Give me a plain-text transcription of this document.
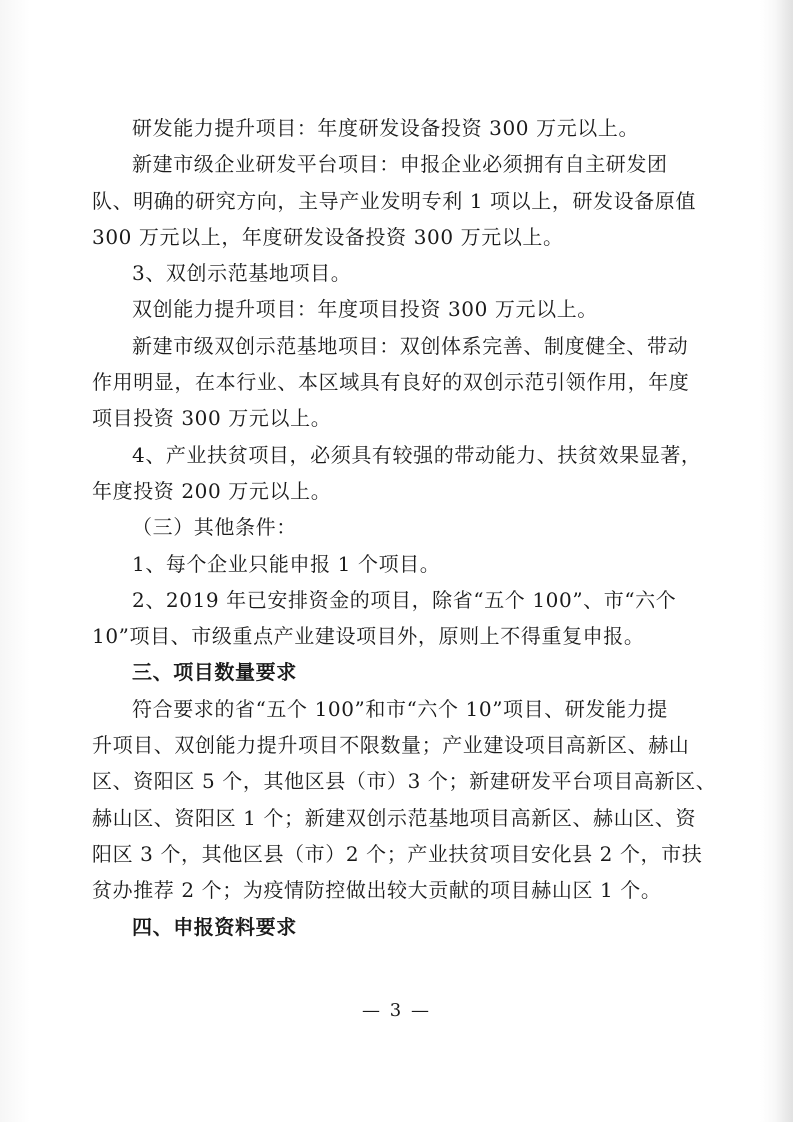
研发能力提升项目：年度研发设备投资 300 万元以上。
新建市级企业研发平台项目：申报企业必须拥有自主研发团
队、明确的研究方向，主导产业发明专利 1 项以上，研发设备原值
300 万元以上，年度研发设备投资 300 万元以上。
3、双创示范基地项目。
双创能力提升项目：年度项目投资 300 万元以上。
新建市级双创示范基地项目：双创体系完善、制度健全、带动
作用明显，在本行业、本区域具有良好的双创示范引领作用，年度
项目投资 300 万元以上。
4、产业扶贫项目，必须具有较强的带动能力、扶贫效果显著，
年度投资 200 万元以上。
（三）其他条件：
1、每个企业只能申报 1 个项目。
2、2019 年已安排资金的项目，除省“五个 100”、市“六个
10”项目、市级重点产业建设项目外，原则上不得重复申报。
三、项目数量要求
符合要求的省“五个 100”和市“六个 10”项目、研发能力提
升项目、双创能力提升项目不限数量；产业建设项目高新区、赫山
区、资阳区 5 个，其他区县（市）3 个；新建研发平台项目高新区、
赫山区、资阳区 1 个；新建双创示范基地项目高新区、赫山区、资
阳区 3 个，其他区县（市）2 个；产业扶贫项目安化县 2 个，市扶
贫办推荐 2 个；为疫情防控做出较大贡献的项目赫山区 1 个。
四、申报资料要求
— 3 —
